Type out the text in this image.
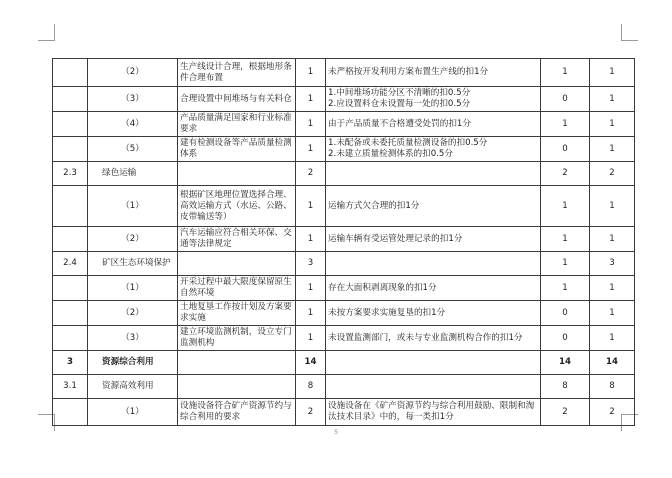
	（2）	生产线设计合理，根据地形条件合理布置	1	未严格按开发利用方案布置生产线的扣1分	1	1
	（3）	合理设置中间堆场与有关料仓	1	1.中间堆场功能分区不清晰的扣0.5分
2.应设置料仓未设置每一处的扣0.5分	0	1
	（4）	产品质量满足国家和行业标准要求	1	由于产品质量不合格遭受处罚的扣1分	1	1
	（5）	建有检测设备等产品质量检测体系	1	1.未配备或未委托质量检测设备的扣0.5分
2.未建立质量检测体系的扣0.5分	0	1
2.3	绿色运输		2		2	2
	（1）	根据矿区地理位置选择合理、高效运输方式（水运、公路、皮带输送等）	1	运输方式欠合理的扣1分	1	1
	（2）	汽车运输应符合相关环保、交通等法律规定	1	运输车辆有受运管处理记录的扣1分	1	1
2.4	矿区生态环境保护		3		1	3
	（1）	开采过程中最大限度保留原生自然环境	1	存在大面积剥离现象的扣1分	1	1
	（2）	土地复垦工作按计划及方案要求实施	1	未按方案要求实施复垦的扣1分	0	1
	（3）	建立环境监测机制，设立专门监测机构	1	未设置监测部门，或未与专业监测机构合作的扣1分	0	1
3	资源综合利用		14		14	14
3.1	资源高效利用		8		8	8
	（1）	设施设备符合矿产资源节约与综合利用的要求	2	设施设备在《矿产资源节约与综合利用鼓励、限制和淘汰技术目录》中的，每一类扣1分	2	2
5
